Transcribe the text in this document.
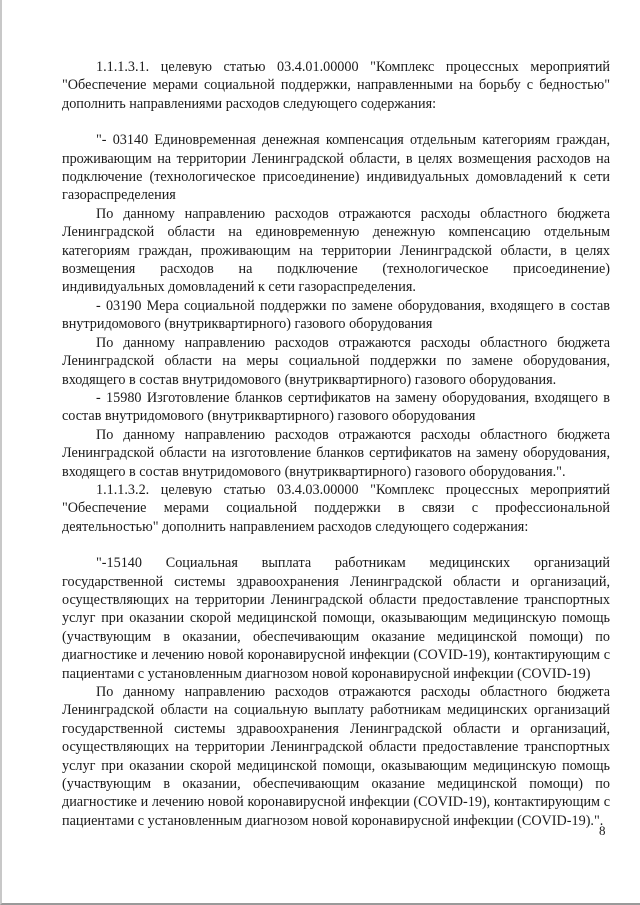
1.1.1.3.1. целевую статью 03.4.01.00000 "Комплекс процессных мероприятий "Обеспечение мерами социальной поддержки, направленными на борьбу с бедностью" дополнить направлениями расходов следующего содержания:

"- 03140 Единовременная денежная компенсация отдельным категориям граждан, проживающим на территории Ленинградской области, в целях возмещения расходов на подключение (технологическое присоединение) индивидуальных домовладений к сети газораспределения

По данному направлению расходов отражаются расходы областного бюджета Ленинградской области на единовременную денежную компенсацию отдельным категориям граждан, проживающим на территории Ленинградской области, в целях возмещения расходов на подключение (технологическое присоединение) индивидуальных домовладений к сети газораспределения.

- 03190 Мера социальной поддержки по замене оборудования, входящего в состав внутридомового (внутриквартирного) газового оборудования

По данному направлению расходов отражаются расходы областного бюджета Ленинградской области на меры социальной поддержки по замене оборудования, входящего в состав внутридомового (внутриквартирного) газового оборудования.

- 15980 Изготовление бланков сертификатов на замену оборудования, входящего в состав внутридомового (внутриквартирного) газового оборудования

По данному направлению расходов отражаются расходы областного бюджета Ленинградской области на изготовление бланков сертификатов на замену оборудования, входящего в состав внутридомового (внутриквартирного) газового оборудования.".

1.1.1.3.2. целевую статью 03.4.03.00000 "Комплекс процессных мероприятий "Обеспечение мерами социальной поддержки в связи с профессиональной деятельностью" дополнить направлением расходов следующего содержания:

"-15140 Социальная выплата работникам медицинских организаций государственной системы здравоохранения Ленинградской области и организаций, осуществляющих на территории Ленинградской области предоставление транспортных услуг при оказании скорой медицинской помощи, оказывающим медицинскую помощь (участвующим в оказании, обеспечивающим оказание медицинской помощи) по диагностике и лечению новой коронавирусной инфекции (COVID-19), контактирующим с пациентами с установленным диагнозом новой коронавирусной инфекции (COVID-19)

По данному направлению расходов отражаются расходы областного бюджета Ленинградской области на социальную выплату работникам медицинских организаций государственной системы здравоохранения Ленинградской области и организаций, осуществляющих на территории Ленинградской области предоставление транспортных услуг при оказании скорой медицинской помощи, оказывающим медицинскую помощь (участвующим в оказании, обеспечивающим оказание медицинской помощи) по диагностике и лечению новой коронавирусной инфекции (COVID-19), контактирующим с пациентами с установленным диагнозом новой коронавирусной инфекции (COVID-19).".

8
